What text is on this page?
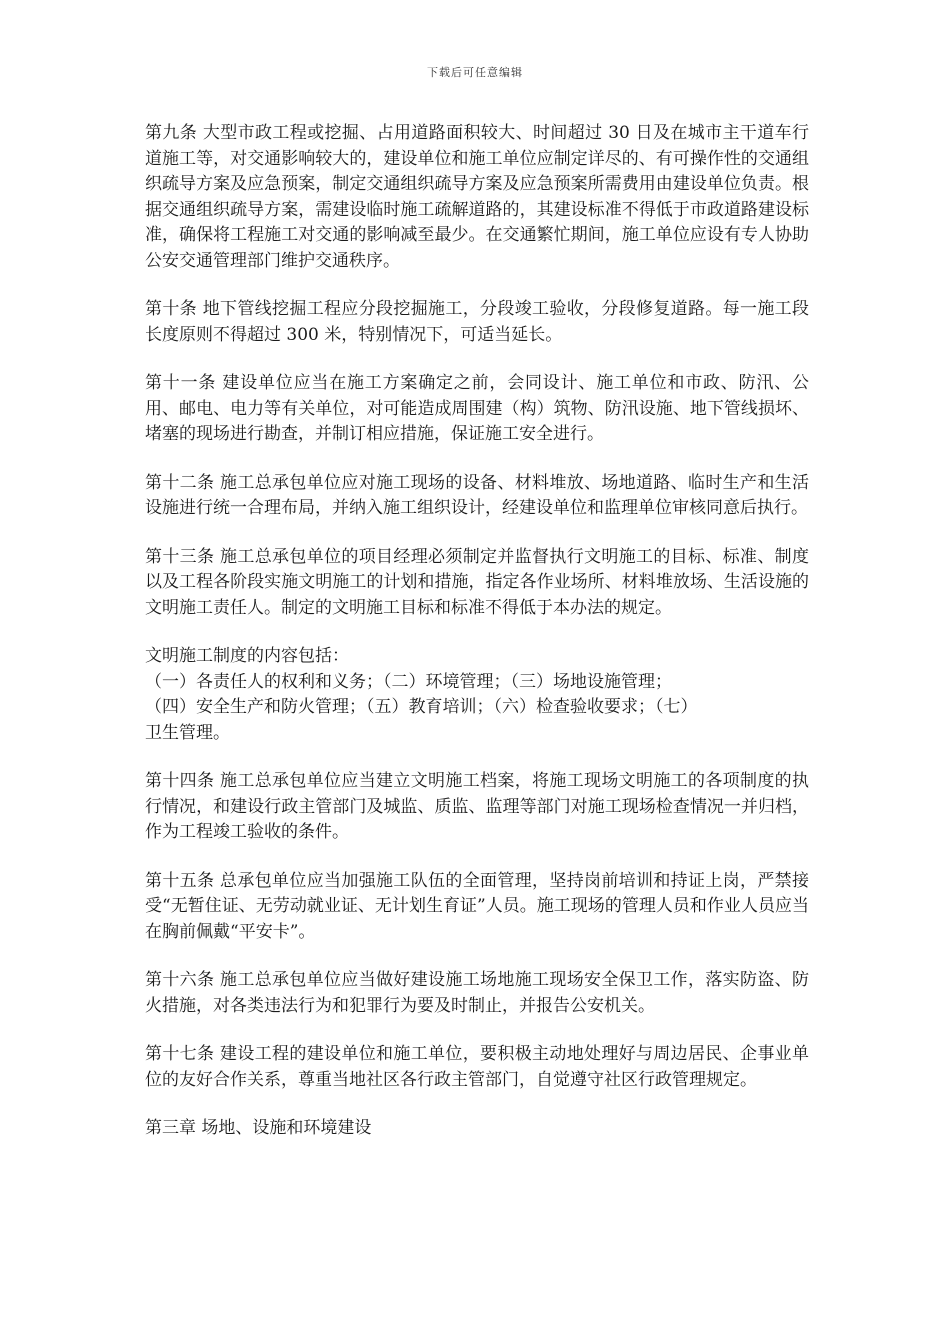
下载后可任意编辑

第九条 大型市政工程或挖掘、占用道路面积较大、时间超过 30 日及在城市主干道车行道施工等，对交通影响较大的，建设单位和施工单位应制定详尽的、有可操作性的交通组织疏导方案及应急预案，制定交通组织疏导方案及应急预案所需费用由建设单位负责。根据交通组织疏导方案，需建设临时施工疏解道路的，其建设标准不得低于市政道路建设标准，确保将工程施工对交通的影响减至最少。在交通繁忙期间，施工单位应设有专人协助公安交通管理部门维护交通秩序。

第十条 地下管线挖掘工程应分段挖掘施工，分段竣工验收，分段修复道路。每一施工段长度原则不得超过 300 米，特别情况下，可适当延长。

第十一条 建设单位应当在施工方案确定之前，会同设计、施工单位和市政、防汛、公用、邮电、电力等有关单位，对可能造成周围建（构）筑物、防汛设施、地下管线损坏、堵塞的现场进行勘查，并制订相应措施，保证施工安全进行。

第十二条 施工总承包单位应对施工现场的设备、材料堆放、场地道路、临时生产和生活设施进行统一合理布局，并纳入施工组织设计，经建设单位和监理单位审核同意后执行。

第十三条 施工总承包单位的项目经理必须制定并监督执行文明施工的目标、标准、制度以及工程各阶段实施文明施工的计划和措施，指定各作业场所、材料堆放场、生活设施的文明施工责任人。制定的文明施工目标和标准不得低于本办法的规定。

文明施工制度的内容包括：

（一）各责任人的权利和义务；（二）环境管理；（三）场地设施管理；

（四）安全生产和防火管理；（五）教育培训；（六）检查验收要求；（七）

卫生管理。

第十四条 施工总承包单位应当建立文明施工档案，将施工现场文明施工的各项制度的执行情况，和建设行政主管部门及城监、质监、监理等部门对施工现场检查情况一并归档，作为工程竣工验收的条件。

第十五条 总承包单位应当加强施工队伍的全面管理，坚持岗前培训和持证上岗，严禁接受“无暂住证、无劳动就业证、无计划生育证”人员。施工现场的管理人员和作业人员应当在胸前佩戴“平安卡”。

第十六条 施工总承包单位应当做好建设施工场地施工现场安全保卫工作，落实防盗、防火措施，对各类违法行为和犯罪行为要及时制止，并报告公安机关。

第十七条 建设工程的建设单位和施工单位，要积极主动地处理好与周边居民、企事业单位的友好合作关系，尊重当地社区各行政主管部门，自觉遵守社区行政管理规定。

第三章 场地、设施和环境建设
